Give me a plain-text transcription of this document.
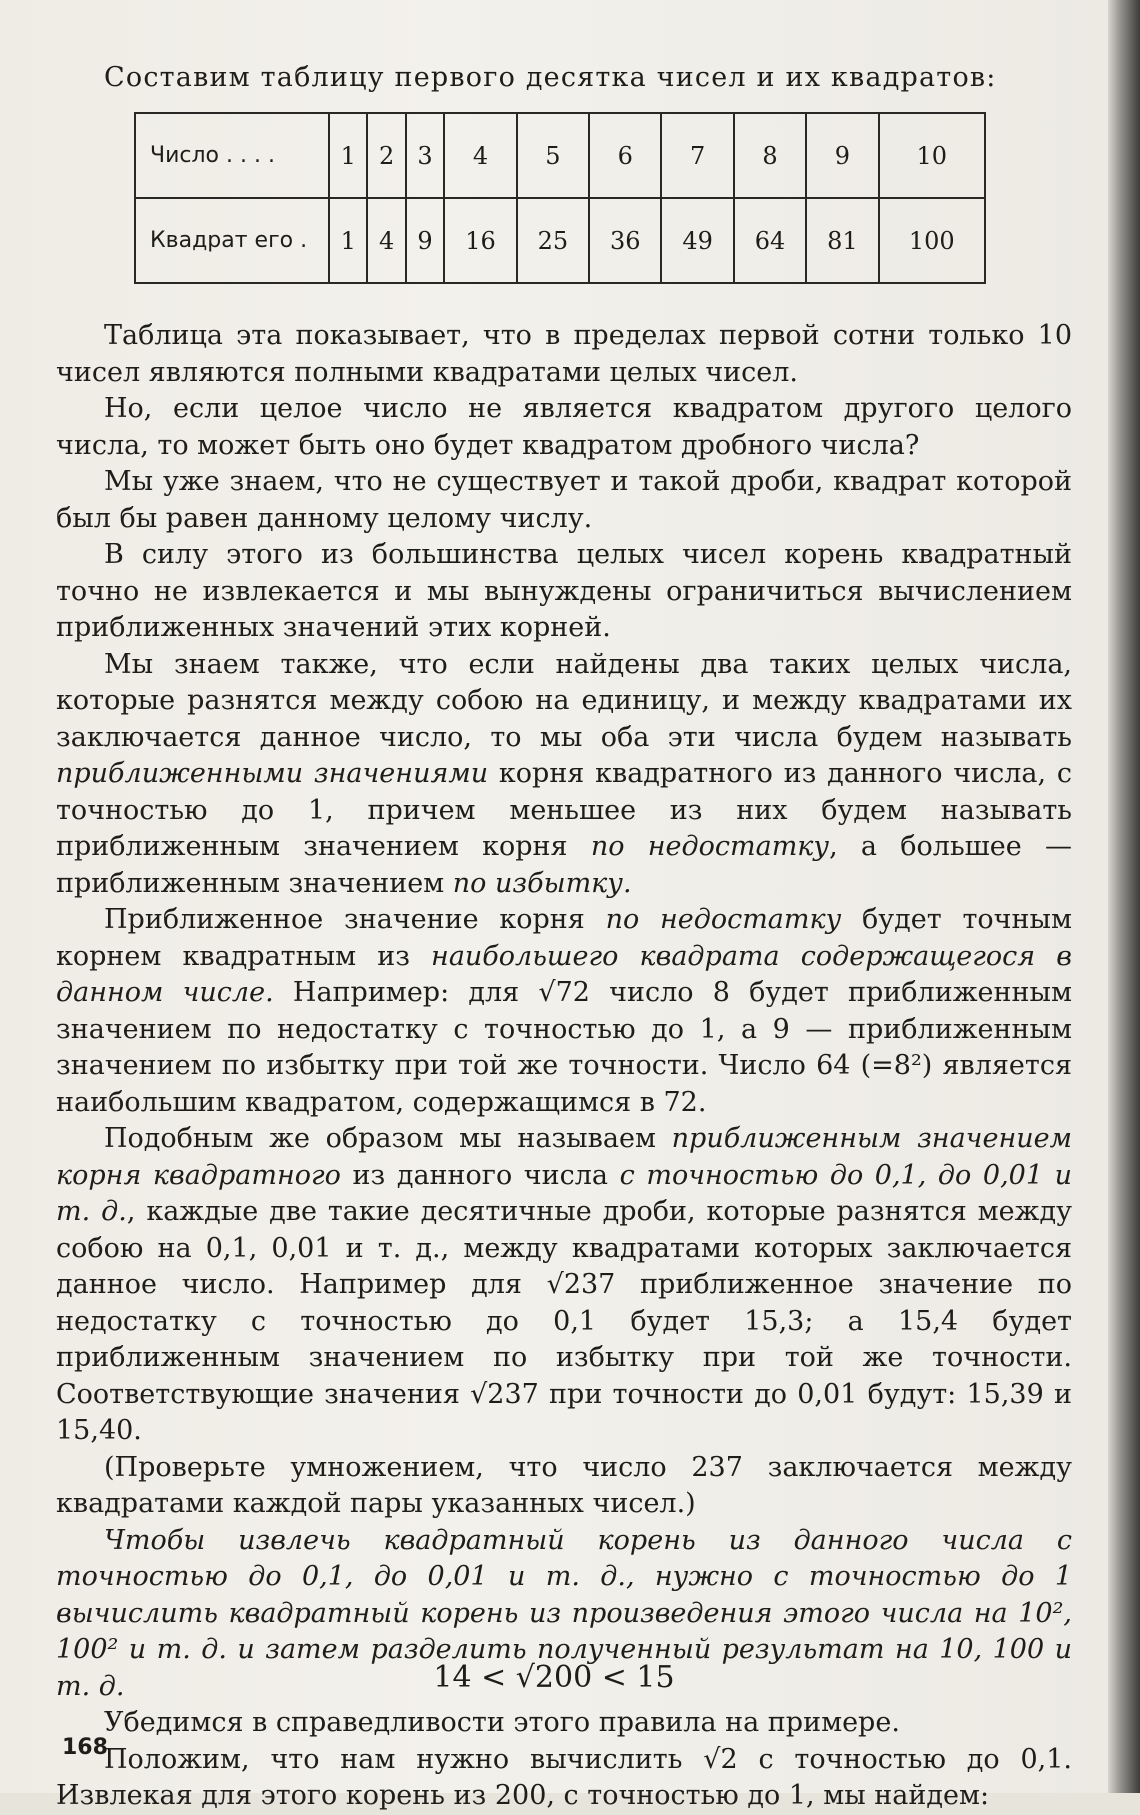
Составим таблицу первого десятка чисел и их квадратов:
Число . . . .	1	2	3	4	5	6	7	8	9	10
Квадрат его .	1	4	9	16	25	36	49	64	81	100

Таблица эта показывает, что в пределах первой сотни только 10 чисел являются полными квадратами целых чисел.

Но, если целое число не является квадратом другого целого числа, то может быть оно будет квадратом дробного числа?

Мы уже знаем, что не существует и такой дроби, квадрат которой был бы равен данному целому числу.

В силу этого из большинства целых чисел корень квадратный точно не извлекается и мы вынуждены ограничиться вычислением приближенных значений этих корней.

Мы знаем также, что если найдены два таких целых числа, которые разнятся между собою на единицу, и между квадратами их заключается данное число, то мы оба эти числа будем называть приближенными значениями корня квадратного из данного числа, с точностью до 1, причем меньшее из них будем называть приближенным значением корня по недостатку, а большее — приближенным значением по избытку.

Приближенное значение корня по недостатку будет точным корнем квадратным из наибольшего квадрата содержащегося в данном числе. Например: для √72 число 8 будет приближенным значением по недостатку с точностью до 1, а 9 — приближенным значением по избытку при той же точности. Число 64 (=8²) является наибольшим квадратом, содержащимся в 72.

Подобным же образом мы называем приближенным значением корня квадратного из данного числа с точностью до 0,1, до 0,01 и т. д., каждые две такие десятичные дроби, которые разнятся между собою на 0,1, 0,01 и т. д., между квадратами которых заключается данное число. Например для √237 приближенное значение по недостатку с точностью до 0,1 будет 15,3; а 15,4 будет приближенным значением по избытку при той же точности. Соответствующие значения √237 при точности до 0,01 будут: 15,39 и 15,40.

(Проверьте умножением, что число 237 заключается между квадратами каждой пары указанных чисел.)

Чтобы извлечь квадратный корень из данного числа с точностью до 0,1, до 0,01 и т. д., нужно с точностью до 1 вычислить квадратный корень из произведения этого числа на 10², 100² и т. д. и затем разделить полученный результат на 10, 100 и т. д.

Убедимся в справедливости этого правила на примере.

Положим, что нам нужно вычислить √2 с точностью до 0,1. Извлекая для этого корень из 200, с точностью до 1, мы найдем:

14 < √200 < 15
168
